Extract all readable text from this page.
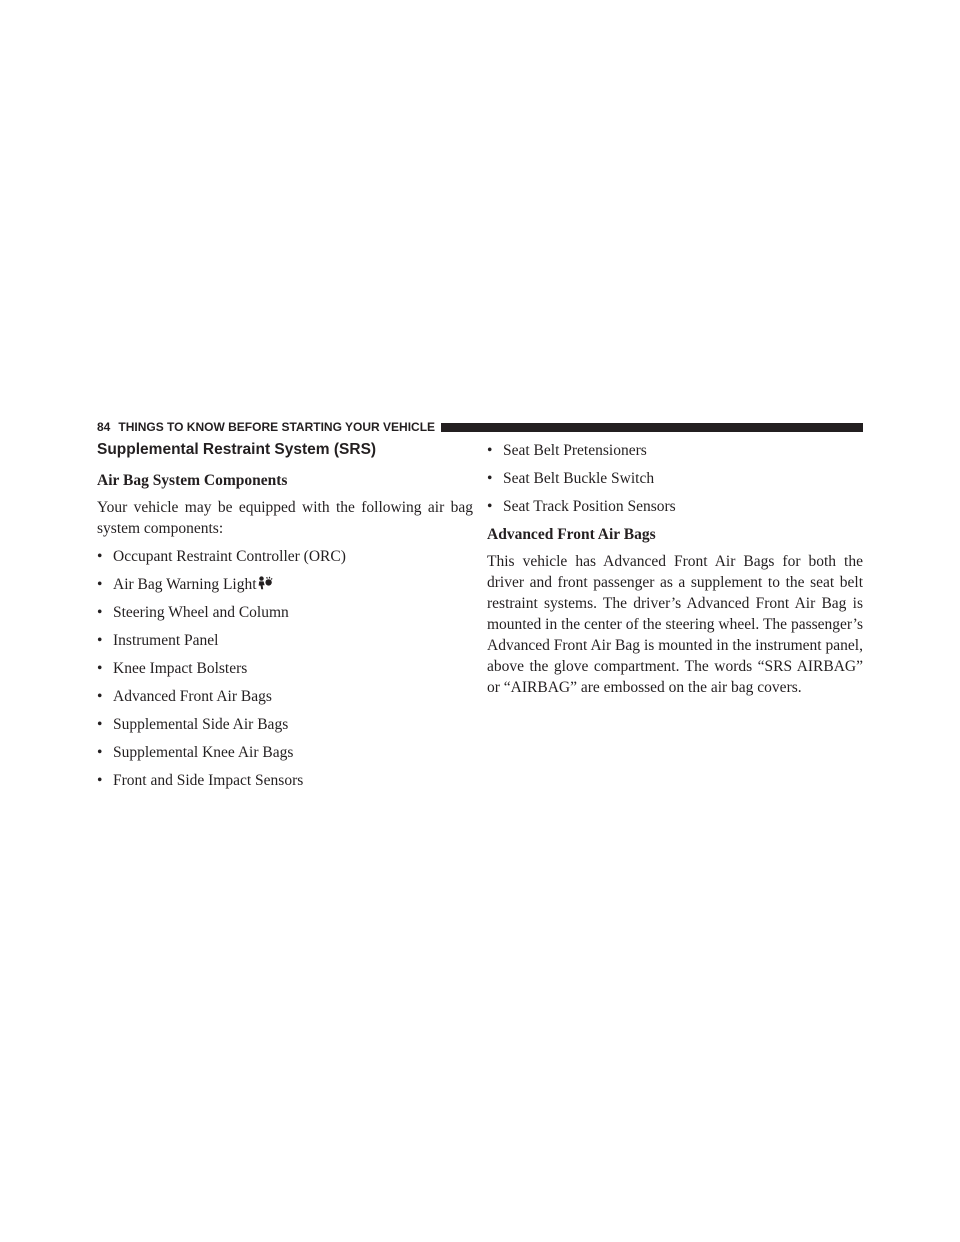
84 THINGS TO KNOW BEFORE STARTING YOUR VEHICLE
Supplemental Restraint System (SRS)
Air Bag System Components

Your vehicle may be equipped with the following air bag system components:

• Occupant Restraint Controller (ORC)
• Air Bag Warning Light
• Steering Wheel and Column
• Instrument Panel
• Knee Impact Bolsters
• Advanced Front Air Bags
• Supplemental Side Air Bags
• Supplemental Knee Air Bags
• Front and Side Impact Sensors
• Seat Belt Pretensioners
• Seat Belt Buckle Switch
• Seat Track Position Sensors
Advanced Front Air Bags

This vehicle has Advanced Front Air Bags for both the driver and front passenger as a supplement to the seat belt restraint systems. The driver’s Advanced Front Air Bag is mounted in the center of the steering wheel. The passenger’s Advanced Front Air Bag is mounted in the instrument panel, above the glove compartment. The words “SRS AIRBAG” or “AIRBAG” are embossed on the air bag covers.
